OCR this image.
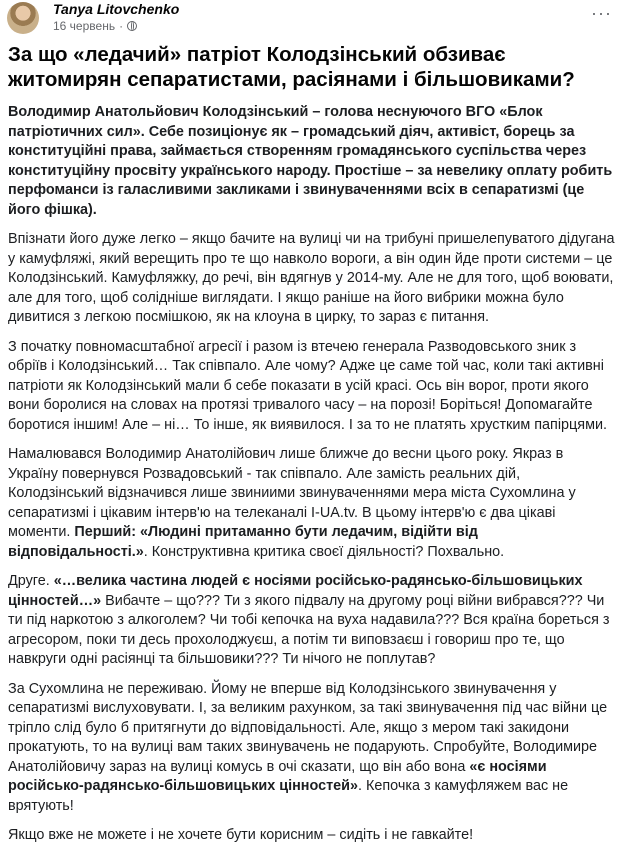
Tanya Litovchenko
16 червень ·
···
За що «ледачий» патріот Колодзінський обзиває житомирян сепаратистами, расіянами і більшовиками?

Володимир Анатольйович Колодзінський – голова неснуючого ВГО «Блок патріотичних сил». Себе позиціонує як – громадський діяч, активіст, борець за конституційні права, займається створенням громадянського суспільства через конституційну просвіту українського народу. Простіше – за невелику оплату робить перфоманси із галасливими закликами і звинуваченнями всіх в сепаратизмі (це його фішка).

Впізнати його дуже легко – якщо бачите на вулиці чи на трибуні пришелепуватого дідугана у камуфляжі, який верещить про те що навколо вороги, а він один йде проти системи – це Колодзінський. Камуфляжку, до речі, він вдягнув у 2014-му. Але не для того, щоб воювати, але для того, щоб солідніше виглядати. І якщо раніше на його вибрики можна було дивитися з легкою посмішкою, як на клоуна в цирку, то зараз є питання.

З початку повномасштабної агресії і разом із втечею генерала Разводовського зник з обріїв і Колодзінський… Так співпало. Але чому? Адже це саме той час, коли такі активні патріоти як Колодзінський мали б себе показати в усій красі. Ось він ворог, проти якого вони боролися на словах на протязі тривалого часу – на порозі! Боріться! Допомагайте боротися іншим! Але – ні… То інше, як виявилося. І за то не платять хрустким папірцями.

Намалювався Володимир Анатолійович лише ближче до весни цього року. Якраз в Україну повернувся Розвадовський - так співпало. Але замість реальних дій, Колодзінський відзначився лише звиниими звинуваченнями мера міста Сухомлина у сепаратизмі і цікавим інтерв'ю на телеканалі I-UA.tv. В цьому інтерв'ю є два цікаві моменти. Перший: «Людині притаманно бути ледачим, відійти від відповідальності.». Конструктивна критика своєї діяльності? Похвально.

Друге. «…велика частина людей є носіями російсько-радянсько-більшовицьких цінностей…» Вибачте – що??? Ти з якого підвалу на другому році війни вибрався??? Чи ти під наркотою з алкоголем? Чи тобі кепочка на вуха надавила??? Вся країна бореться з агресором, поки ти десь прохолоджуєш, а потім ти виповзаєш і говориш про те, що навкруги одні расіянці та більшовики??? Ти нічого не поплутав?

За Сухомлина не переживаю. Йому не вперше від Колодзінського звинувачення у сепаратизмі вислуховувати. І, за великим рахунком, за такі звинувачення під час війни це тріпло слід було б притягнути до відповідальності. Але, якщо з мером такі закидони прокатують, то на вулиці вам таких звинувачень не подарують. Спробуйте, Володимире Анатолійовичу зараз на вулиці комусь в очі сказати, що він або вона «є носіями російсько-радянсько-більшовицьких цінностей». Кепочка з камуфляжем вас не врятують!

Якщо вже не можете і не хочете бути корисним – сидіть і не гавкайте!
